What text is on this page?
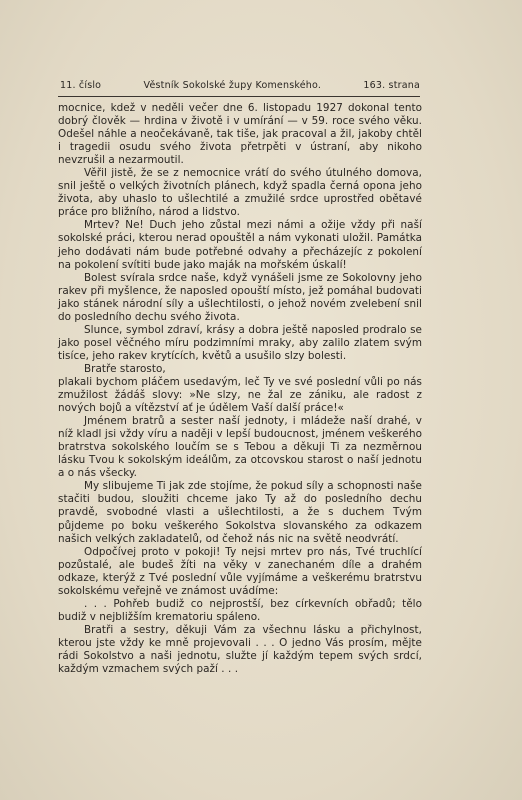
11. číslo	Věstník Sokolské župy Komenského.	163. strana

mocnice, kdež v neděli večer dne 6. listopadu 1927 dokonal tento dobrý člověk — hrdina v životě i v umírání — v 59. roce svého věku. Odešel náhle a neočekávaně, tak tiše, jak pracoval a žil, jakoby chtěl i tragedii osudu svého života přetrpěti v ústraní, aby nikoho nevzrušil a nezarmoutil.

Věřil jistě, že se z nemocnice vrátí do svého útulného domova, snil ještě o velkých životních plánech, když spadla černá opona jeho života, aby uhaslo to ušlechtilé a zmužilé srdce uprostřed obětavé práce pro bližního, národ a lidstvo.

Mrtev? Ne! Duch jeho zůstal mezi námi a ožije vždy při naší sokolské práci, kterou nerad opouštěl a nám vykonati uložil. Památka jeho dodávati nám bude potřebné odvahy a přecházejíc z pokolení na pokolení svítiti bude jako maják na mořském úskalí!

Bolest svírala srdce naše, když vynášeli jsme ze Sokolovny jeho rakev při myšlence, že naposled opouští místo, jež pomáhal budovati jako stánek národní síly a ušlechtilosti, o jehož novém zvelebení snil do posledního dechu svého života.

Slunce, symbol zdraví, krásy a dobra ještě naposled prodralo se jako posel věčného míru podzimními mraky, aby zalilo zlatem svým tisíce, jeho rakev krytících, květů a usušilo slzy bolesti.

Bratře starosto,

plakali bychom pláčem usedavým, leč Ty ve své poslední vůli po nás zmužilost žádáš slovy: »Ne slzy, ne žal ze zániku, ale radost z nových bojů a vítězství ať je údělem Vaší další práce!«

Jménem bratrů a sester naší jednoty, i mládeže naší drahé, v níž kladl jsi vždy víru a naději v lepší budoucnost, jménem veškerého bratrstva sokolského loučím se s Tebou a děkuji Ti za nezměrnou lásku Tvou k sokolským ideálům, za otcovskou starost o naší jednotu a o nás všecky.

My slibujeme Ti jak zde stojíme, že pokud síly a schopnosti naše stačiti budou, sloužiti chceme jako Ty až do posledního dechu pravdě, svobodné vlasti a ušlechtilosti, a že s duchem Tvým půjdeme po boku veškerého Sokolstva slovanského za odkazem našich velkých zakladatelů, od čehož nás nic na světě neodvrátí.

Odpočívej proto v pokoji! Ty nejsi mrtev pro nás, Tvé truchlící pozůstalé, ale budeš žíti na věky v zanechaném díle a drahém odkaze, kterýž z Tvé poslední vůle vyjímáme a veškerému bratrstvu sokolskému veřejně ve známost uvádíme:

. . . Pohřeb budiž co nejprostší, bez církevních obřadů; tělo budiž v nejbližším krematoriu spáleno.

Bratři a sestry, děkuji Vám za všechnu lásku a přichylnost, kterou jste vždy ke mně projevovali . . . O jedno Vás prosím, mějte rádi Sokolstvo a naši jednotu, služte jí každým tepem svých srdcí, každým vzmachem svých paží . . .
